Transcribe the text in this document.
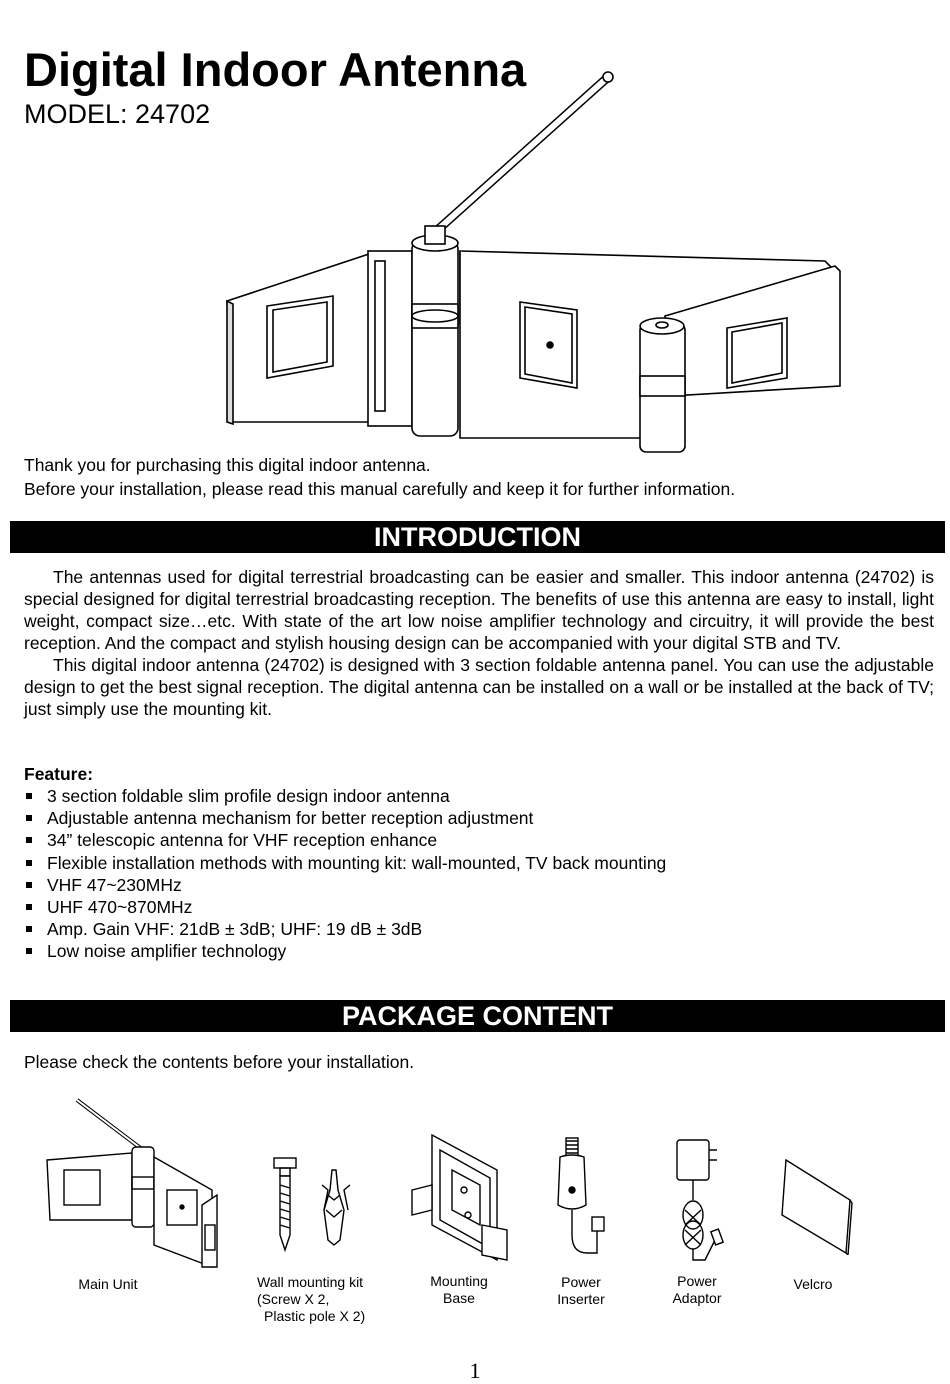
Digital Indoor Antenna
MODEL: 24702
Thank you for purchasing this digital indoor antenna.
Before your installation, please read this manual carefully and keep it for further information.
INTRODUCTION

The antennas used for digital terrestrial broadcasting can be easier and smaller. This indoor antenna (24702) is special designed for digital terrestrial broadcasting reception. The benefits of use this antenna are easy to install, light weight, compact size…etc. With state of the art low noise amplifier technology and circuitry, it will provide the best reception. And the compact and stylish housing design can be accompanied with your digital STB and TV.

This digital indoor antenna (24702) is designed with 3 section foldable antenna panel. You can use the adjustable design to get the best signal reception. The digital antenna can be installed on a wall or be installed at the back of TV; just simply use the mounting kit.

Feature:
3 section foldable slim profile design indoor antenna
Adjustable antenna mechanism for better reception adjustment
34” telescopic antenna for VHF reception enhance
Flexible installation methods with mounting kit: wall-mounted, TV back mounting
VHF 47~230MHz
UHF 470~870MHz
Amp. Gain VHF: 21dB ± 3dB; UHF: 19 dB ± 3dB
Low noise amplifier technology
PACKAGE CONTENT
Please check the contents before your installation.
Main Unit	Wall mounting kit
(Screw X 2,
Plastic pole X 2)
Mounting
Base
Power
Inserter
Power
Adaptor
Velcro
1
